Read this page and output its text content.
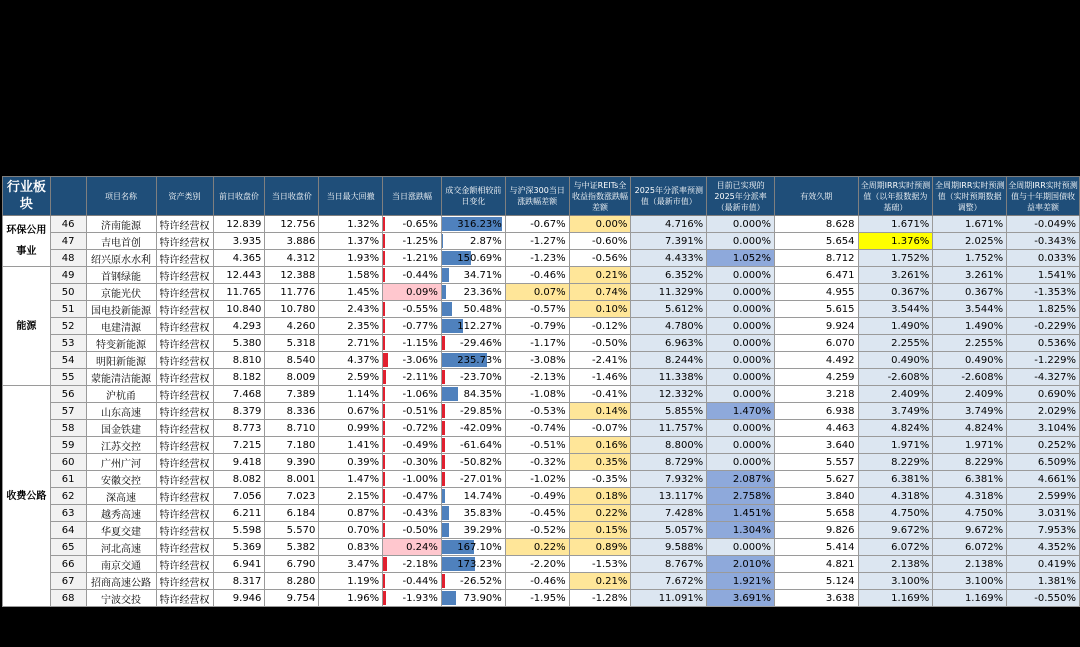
行业板块		项目名称	资产类别	前日收盘价	当日收盘价	当日最大回撤	当日涨跌幅	成交金额相较前日变化	与沪深300当日涨跌幅差额	与中证REITs全收益指数涨跌幅差额	2025年分派率预测值（最新市值）	目前已实现的2025年分派率（最新市值）	有效久期	全周期IRR实时预测值（以年报数据为基础）	全周期IRR实时预测值（实时预期数据调整）	全周期IRR实时预测值与十年期国债收益率差额
环保公用事业	46	济南能源	特许经营权	12.839	12.756	1.32%	-0.65%	316.23%	-0.67%	0.00%	4.716%	0.000%	8.628	1.671%	1.671%	-0.049%
	47	吉电首创	特许经营权	3.935	3.886	1.37%	-1.25%	2.87%	-1.27%	-0.60%	7.391%	0.000%	5.654	1.376%	2.025%	-0.343%
	48	绍兴原水水利	特许经营权	4.365	4.312	1.93%	-1.21%	150.69%	-1.23%	-0.56%	4.433%	1.052%	8.712	1.752%	1.752%	0.033%
能源	49	首钢绿能	特许经营权	12.443	12.388	1.58%	-0.44%	34.71%	-0.46%	0.21%	6.352%	0.000%	6.471	3.261%	3.261%	1.541%
	50	京能光伏	特许经营权	11.765	11.776	1.45%	0.09%	23.36%	0.07%	0.74%	11.329%	0.000%	4.955	0.367%	0.367%	-1.353%
	51	国电投新能源	特许经营权	10.840	10.780	2.43%	-0.55%	50.48%	-0.57%	0.10%	5.612%	0.000%	5.615	3.544%	3.544%	1.825%
	52	电建清源	特许经营权	4.293	4.260	2.35%	-0.77%	112.27%	-0.79%	-0.12%	4.780%	0.000%	9.924	1.490%	1.490%	-0.229%
	53	特变新能源	特许经营权	5.380	5.318	2.71%	-1.15%	-29.46%	-1.17%	-0.50%	6.963%	0.000%	6.070	2.255%	2.255%	0.536%
	54	明阳新能源	特许经营权	8.810	8.540	4.37%	-3.06%	235.73%	-3.08%	-2.41%	8.244%	0.000%	4.492	0.490%	0.490%	-1.229%
	55	蒙能清洁能源	特许经营权	8.182	8.009	2.59%	-2.11%	-23.70%	-2.13%	-1.46%	11.338%	0.000%	4.259	-2.608%	-2.608%	-4.327%
收费公路	56	沪杭甬	特许经营权	7.468	7.389	1.14%	-1.06%	84.35%	-1.08%	-0.41%	12.332%	0.000%	3.218	2.409%	2.409%	0.690%
	57	山东高速	特许经营权	8.379	8.336	0.67%	-0.51%	-29.85%	-0.53%	0.14%	5.855%	1.470%	6.938	3.749%	3.749%	2.029%
	58	国金铁建	特许经营权	8.773	8.710	0.99%	-0.72%	-42.09%	-0.74%	-0.07%	11.757%	0.000%	4.463	4.824%	4.824%	3.104%
	59	江苏交控	特许经营权	7.215	7.180	1.41%	-0.49%	-61.64%	-0.51%	0.16%	8.800%	0.000%	3.640	1.971%	1.971%	0.252%
	60	广州广河	特许经营权	9.418	9.390	0.39%	-0.30%	-50.82%	-0.32%	0.35%	8.729%	0.000%	5.557	8.229%	8.229%	6.509%
	61	安徽交控	特许经营权	8.082	8.001	1.47%	-1.00%	-27.01%	-1.02%	-0.35%	7.932%	2.087%	5.627	6.381%	6.381%	4.661%
	62	深高速	特许经营权	7.056	7.023	2.15%	-0.47%	14.74%	-0.49%	0.18%	13.117%	2.758%	3.840	4.318%	4.318%	2.599%
	63	越秀高速	特许经营权	6.211	6.184	0.87%	-0.43%	35.83%	-0.45%	0.22%	7.428%	1.451%	5.658	4.750%	4.750%	3.031%
	64	华夏交建	特许经营权	5.598	5.570	0.70%	-0.50%	39.29%	-0.52%	0.15%	5.057%	1.304%	9.826	9.672%	9.672%	7.953%
	65	河北高速	特许经营权	5.369	5.382	0.83%	0.24%	167.10%	0.22%	0.89%	9.588%	0.000%	5.414	6.072%	6.072%	4.352%
	66	南京交通	特许经营权	6.941	6.790	3.47%	-2.18%	173.23%	-2.20%	-1.53%	8.767%	2.010%	4.821	2.138%	2.138%	0.419%
	67	招商高速公路	特许经营权	8.317	8.280	1.19%	-0.44%	-26.52%	-0.46%	0.21%	7.672%	1.921%	5.124	3.100%	3.100%	1.381%
	68	宁波交投	特许经营权	9.946	9.754	1.96%	-1.93%	73.90%	-1.95%	-1.28%	11.091%	3.691%	3.638	1.169%	1.169%	-0.550%
